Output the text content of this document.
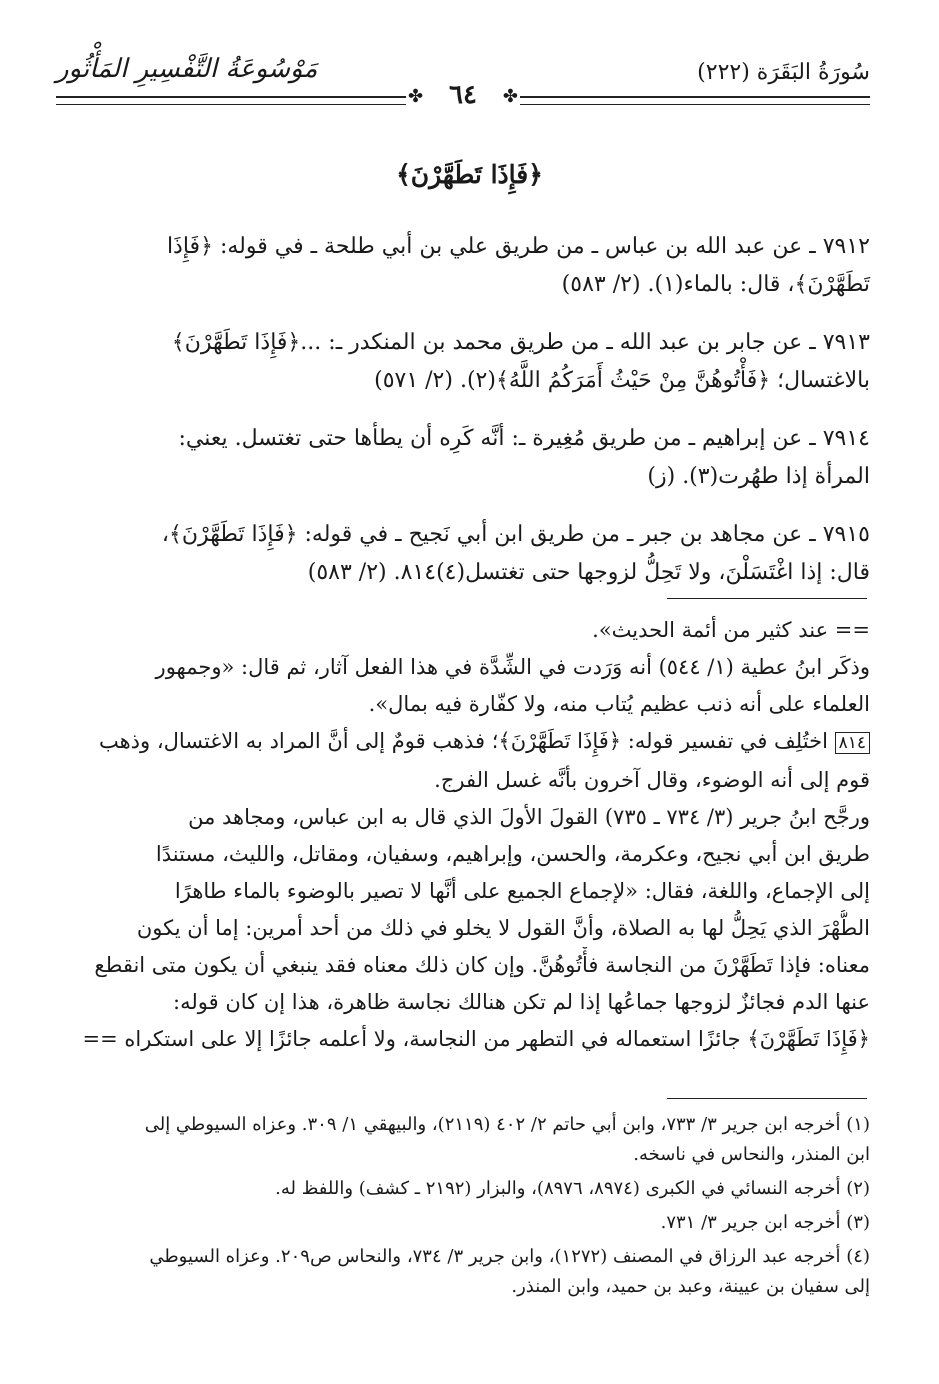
سُورَةُ البَقَرَة (٢٢٢)
مَوْسُوعَةُ التَّفْسِيرِ المَأْثُور
✤ ٦٤	✤
﴿فَإِذَا تَطَهَّرْنَ﴾
٧٩١٢ ـ عن عبد الله بن عباس ـ من طريق علي بن أبي طلحة ـ في قوله: ﴿فَإِذَا
تَطَهَّرْنَ﴾، قال: بالماء(١). (٢/ ٥٨٣)
٧٩١٣ ـ عن جابر بن عبد الله ـ من طريق محمد بن المنكدر ـ: ...﴿فَإِذَا تَطَهَّرْنَ﴾
بالاغتسال؛ ﴿فَأْتُوهُنَّ مِنْ حَيْثُ أَمَرَكُمُ اللَّهُ﴾(٢). (٢/ ٥٧١)
٧٩١٤ ـ عن إبراهيم ـ من طريق مُغِيرة ـ: أنَّه كَرِه أن يطأها حتى تغتسل. يعني:
المرأة إذا طهُرت(٣). (ز)
٧٩١٥ ـ عن مجاهد بن جبر ـ من طريق ابن أبي نَجيح ـ في قوله: ﴿فَإِذَا تَطَهَّرْنَ﴾،
قال: إذا اغْتَسَلْنَ، ولا تَحِلُّ لزوجها حتى تغتسل(٤)٨١٤. (٢/ ٥٨٣)
== عند كثير من أئمة الحديث».
وذكَر ابنُ عطية (١/ ٥٤٤) أنه وَرَدت في الشِّدَّة في هذا الفعل آثار، ثم قال: «وجمهور
العلماء على أنه ذنب عظيم يُتاب منه، ولا كفّارة فيه بمال».
٨١٤ اختُلِف في تفسير قوله: ﴿فَإِذَا تَطَهَّرْنَ﴾؛ فذهب قومٌ إلى أنَّ المراد به الاغتسال، وذهب
قوم إلى أنه الوضوء، وقال آخرون بأنَّه غسل الفرج.
ورجَّح ابنُ جرير (٣/ ٧٣٤ ـ ٧٣٥) القولَ الأولَ الذي قال به ابن عباس، ومجاهد من
طريق ابن أبي نجيح، وعكرمة، والحسن، وإبراهيم، وسفيان، ومقاتل، والليث، مستندًا
إلى الإجماع، واللغة، فقال: «لإجماع الجميع على أنَّها لا تصير بالوضوء بالماء طاهرًا
الطُّهْرَ الذي يَحِلُّ لها به الصلاة، وأنَّ القول لا يخلو في ذلك من أحد أمرين: إما أن يكون
معناه: فإذا تَطَهَّرْنَ من النجاسة فأْتُوهُنَّ. وإن كان ذلك معناه فقد ينبغي أن يكون متى انقطع
عنها الدم فجائزٌ لزوجها جماعُها إذا لم تكن هنالك نجاسة ظاهرة، هذا إن كان قوله:
﴿فَإِذَا تَطَهَّرْنَ﴾ جائزًا استعماله في التطهر من النجاسة، ولا أعلمه جائزًا إلا على استكراه ==
(١) أخرجه ابن جرير ٣/ ٧٣٣، وابن أبي حاتم ٢/ ٤٠٢ (٢١١٩)، والبيهقي ١/ ٣٠٩. وعزاه السيوطي إلى
ابن المنذر، والنحاس في ناسخه.
(٢) أخرجه النسائي في الكبرى (٨٩٧٤، ٨٩٧٦)، والبزار (٢١٩٢ ـ كشف) واللفظ له.
(٣) أخرجه ابن جرير ٣/ ٧٣١.
(٤) أخرجه عبد الرزاق في المصنف (١٢٧٢)، وابن جرير ٣/ ٧٣٤، والنحاس ص٢٠٩. وعزاه السيوطي
إلى سفيان بن عيينة، وعبد بن حميد، وابن المنذر.
